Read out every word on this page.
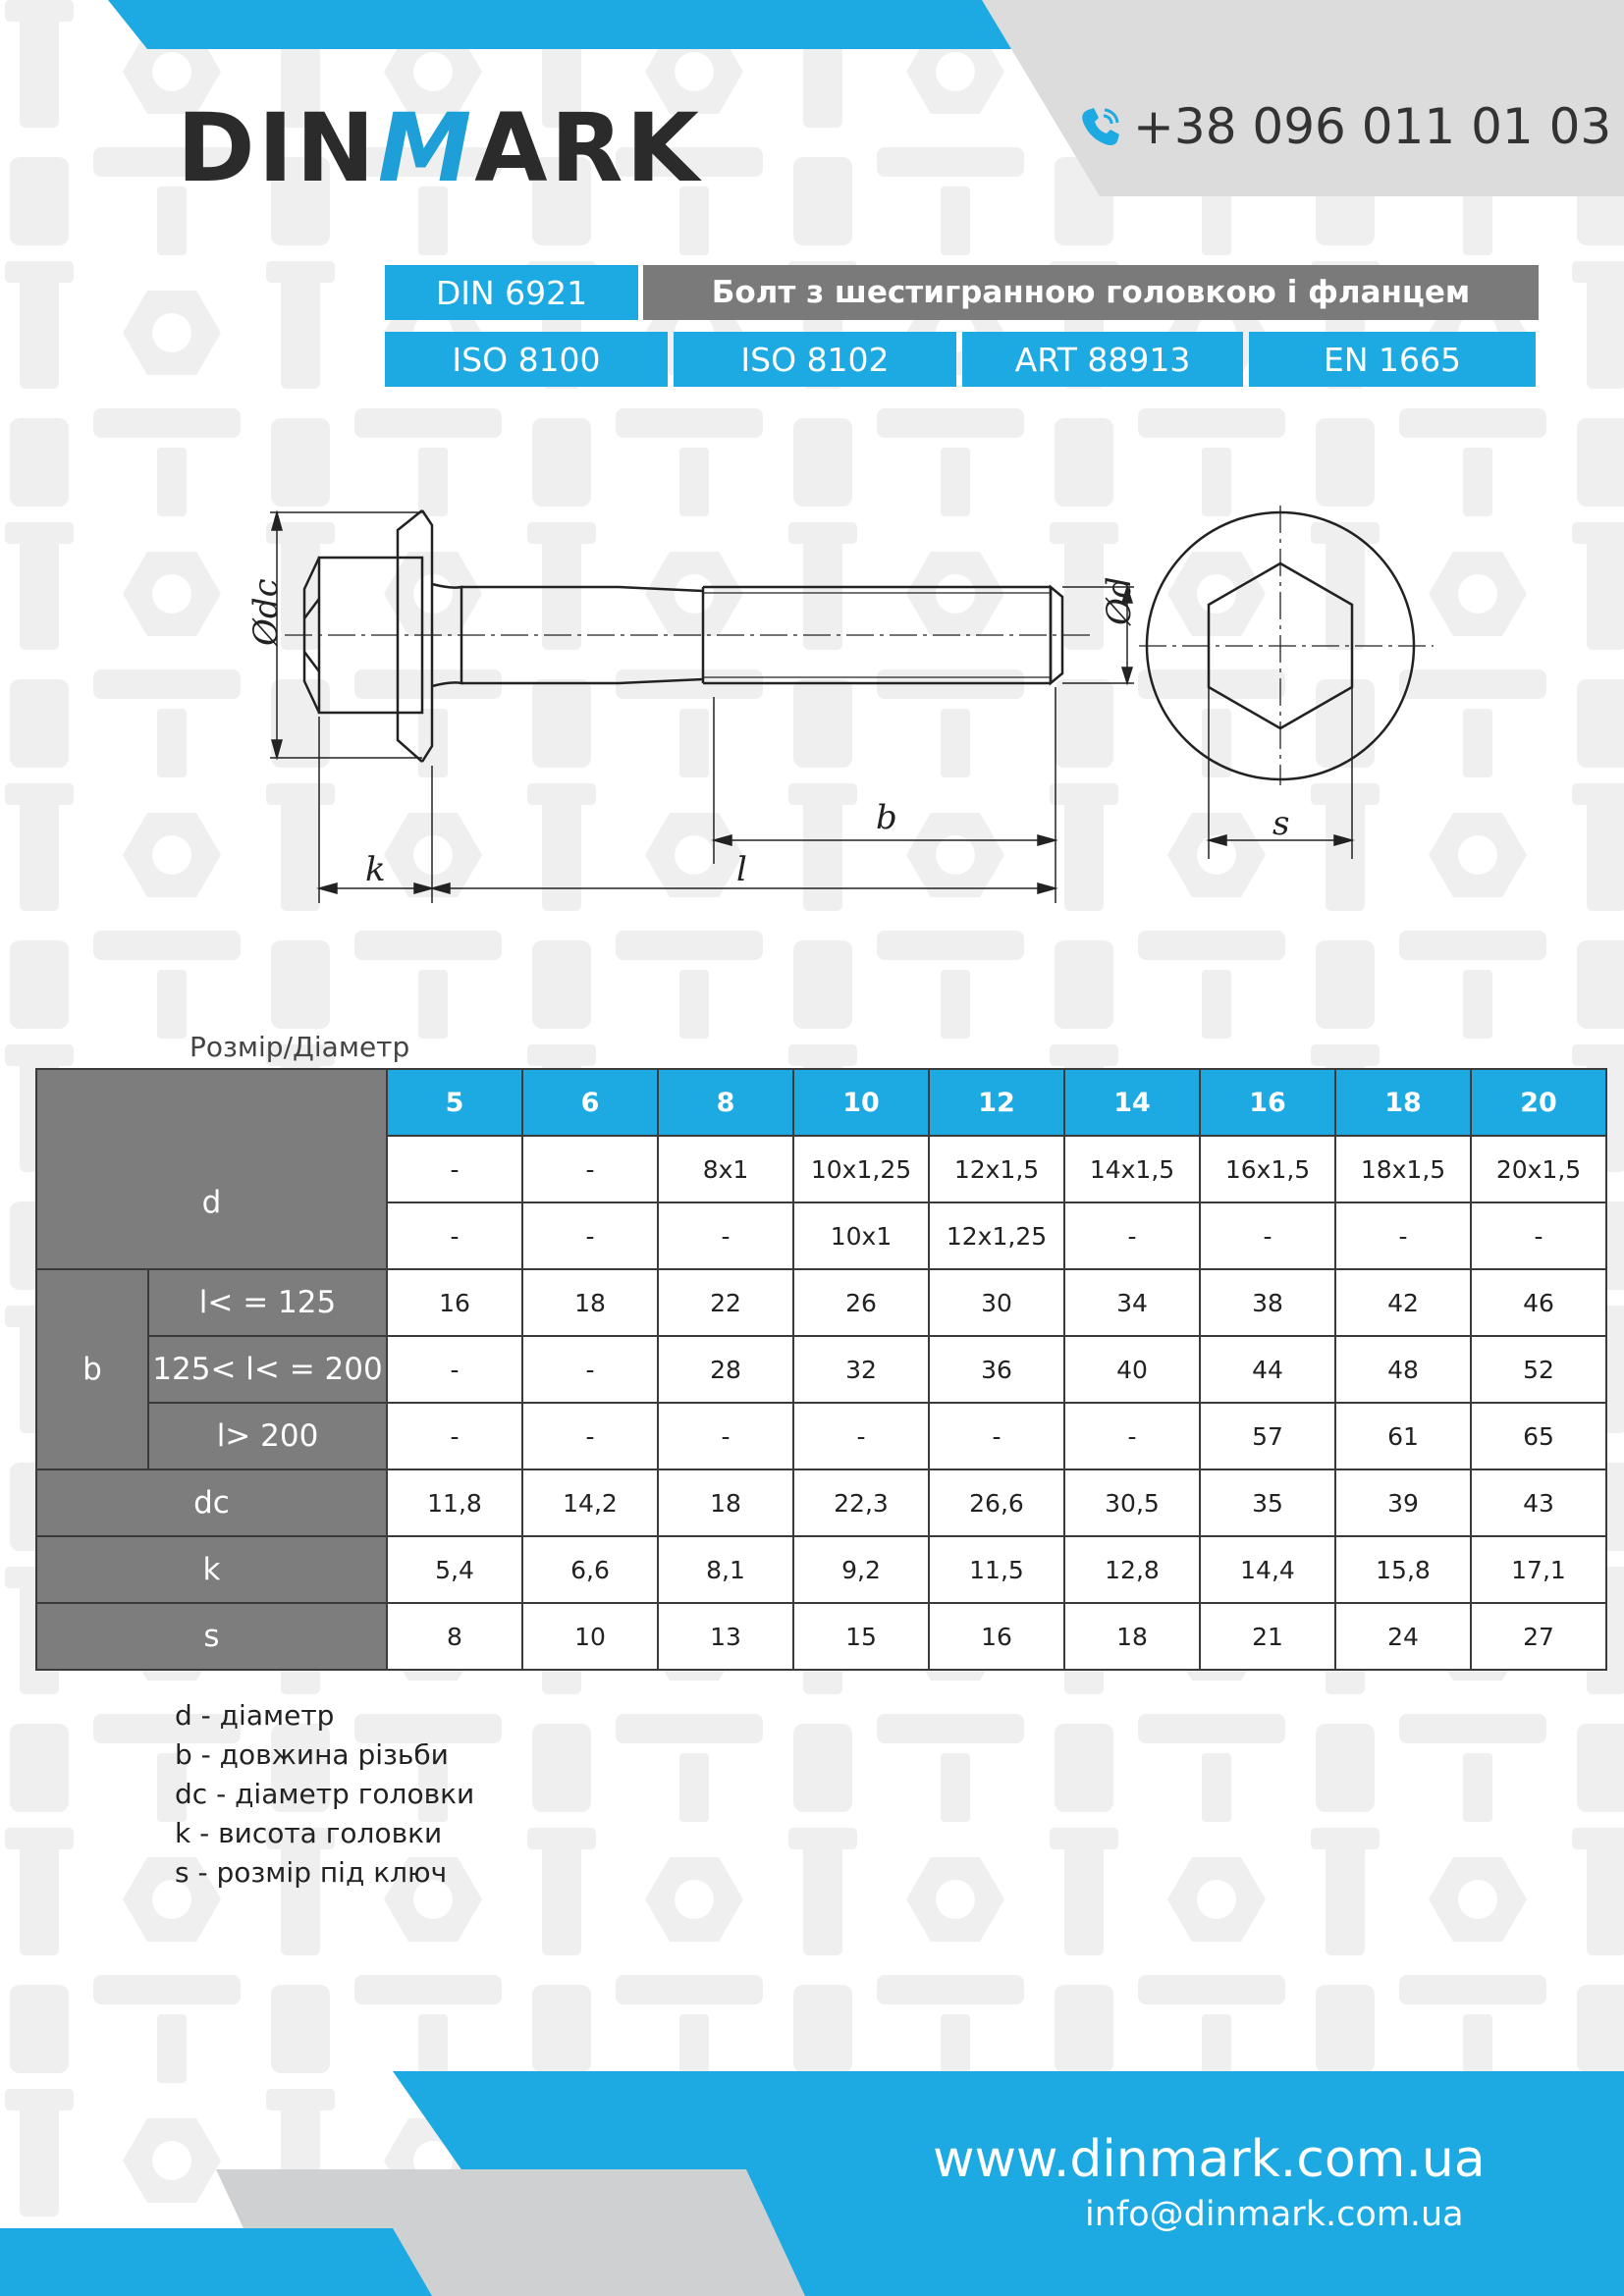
DINMARK	+38 096 011 01 03
DIN 6921	Болт з шестигранною головкою і фланцем
ISO 8100	ISO 8102	ART 88913	EN 1665
Ødc	Ød
b
l
k
s
Розмір/Діаметр
		5	6	8	10	12	14	16	18	20
d		-	-	8x1	10x1,25	12x1,5	14x1,5	16x1,5	18x1,5	20x1,5
		-	-	-	10x1	12x1,25	-	-	-	-
b	l< = 125	16	18	22	26	30	34	38	42	46
	125< l< = 200	-	-	28	32	36	40	44	48	52
	l> 200	-	-	-	-	-	-	57	61	65
dc		11,8	14,2	18	22,3	26,6	30,5	35	39	43
k		5,4	6,6	8,1	9,2	11,5	12,8	14,4	15,8	17,1
s		8	10	13	15	16	18	21	24	27
d - діаметр
b - довжина різьби
dc - діаметр головки
k - висота головки
s - розмір під ключ
www.dinmark.com.ua
info@dinmark.com.ua
